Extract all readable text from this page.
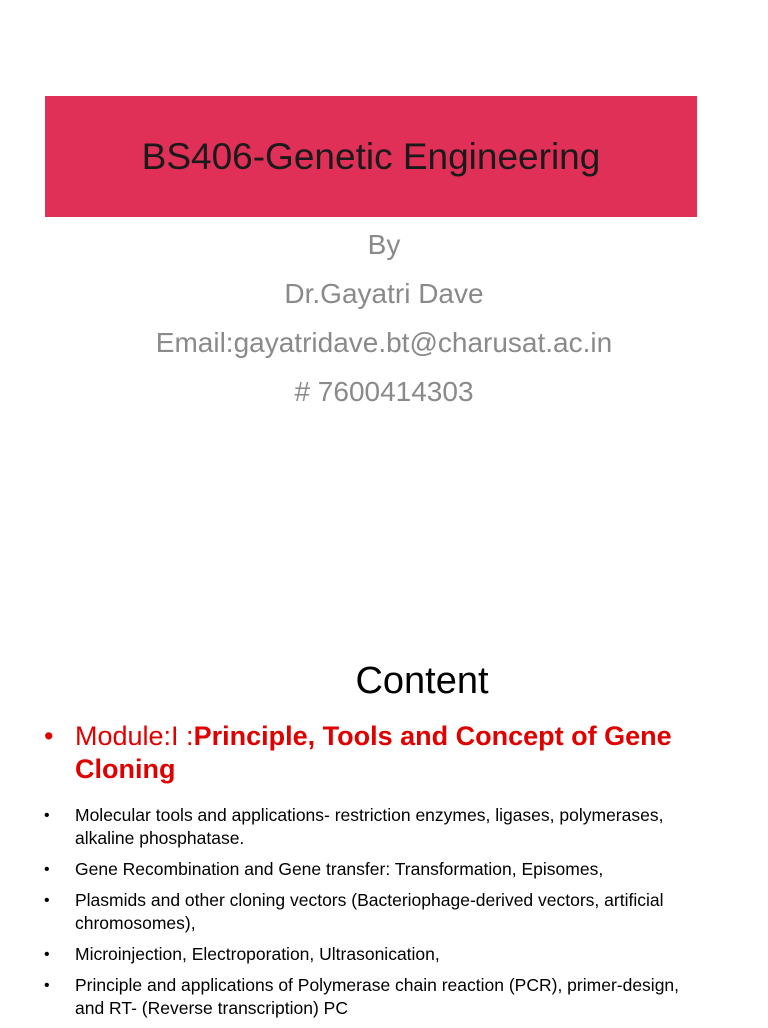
BS406-Genetic Engineering
By
Dr.Gayatri Dave
Email:gayatridave.bt@charusat.ac.in
# 7600414303
Content
• Module:I :Principle, Tools and Concept of Gene Cloning
• Molecular tools and applications- restriction enzymes, ligases, polymerases, alkaline phosphatase.
• Gene Recombination and Gene transfer: Transformation, Episomes,
• Plasmids and other cloning vectors (Bacteriophage-derived vectors, artificial chromosomes),
• Microinjection, Electroporation, Ultrasonication,
• Principle and applications of Polymerase chain reaction (PCR), primer-design, and RT- (Reverse transcription) PC
